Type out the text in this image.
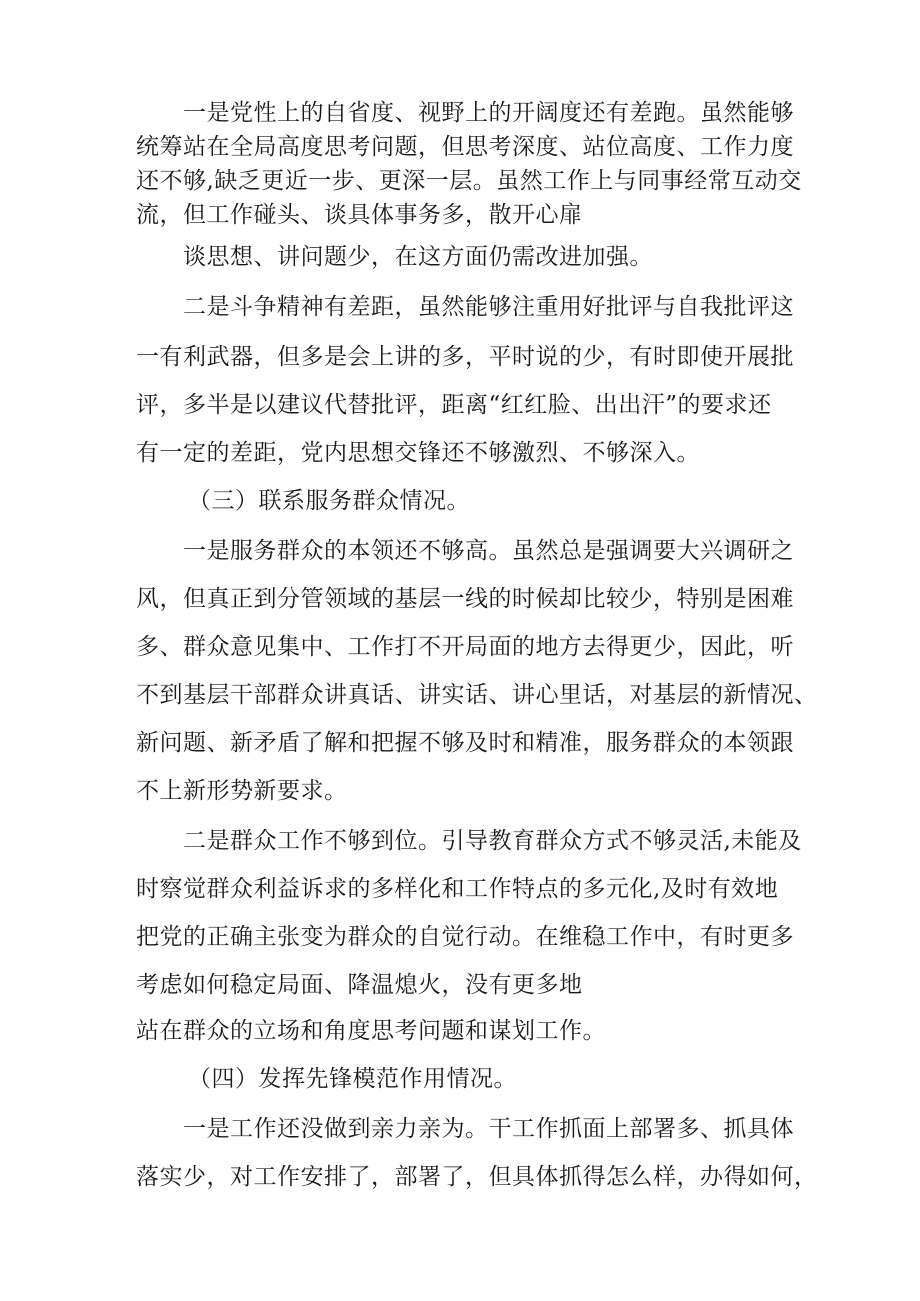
一是党性上的自省度、视野上的开阔度还有差跑。虽然能够
统筹站在全局高度思考问题，但思考深度、站位高度、工作力度
还不够,缺乏更近一步、更深一层。虽然工作上与同事经常互动交
流，但工作碰头、谈具体事务多，散开心扉
谈思想、讲问题少，在这方面仍需改进加强。
二是斗争精神有差距，虽然能够注重用好批评与自我批评这
一有利武器，但多是会上讲的多，平时说的少，有时即使开展批
评，多半是以建议代替批评，距离“红红脸、出出汗”的要求还
有一定的差距，党内思想交锋还不够激烈、不够深入。
（三）联系服务群众情况。
一是服务群众的本领还不够高。虽然总是强调要大兴调研之
风，但真正到分管领域的基层一线的时候却比较少，特别是困难
多、群众意见集中、工作打不开局面的地方去得更少，因此，听
不到基层干部群众讲真话、讲实话、讲心里话，对基层的新情况、
新问题、新矛盾了解和把握不够及时和精准，服务群众的本领跟
不上新形势新要求。
二是群众工作不够到位。引导教育群众方式不够灵活,未能及
时察觉群众利益诉求的多样化和工作特点的多元化,及时有效地
把党的正确主张变为群众的自觉行动。在维稳工作中，有时更多
考虑如何稳定局面、降温熄火，没有更多地
站在群众的立场和角度思考问题和谋划工作。
（四）发挥先锋模范作用情况。
一是工作还没做到亲力亲为。干工作抓面上部署多、抓具体
落实少，对工作安排了，部署了，但具体抓得怎么样，办得如何，
